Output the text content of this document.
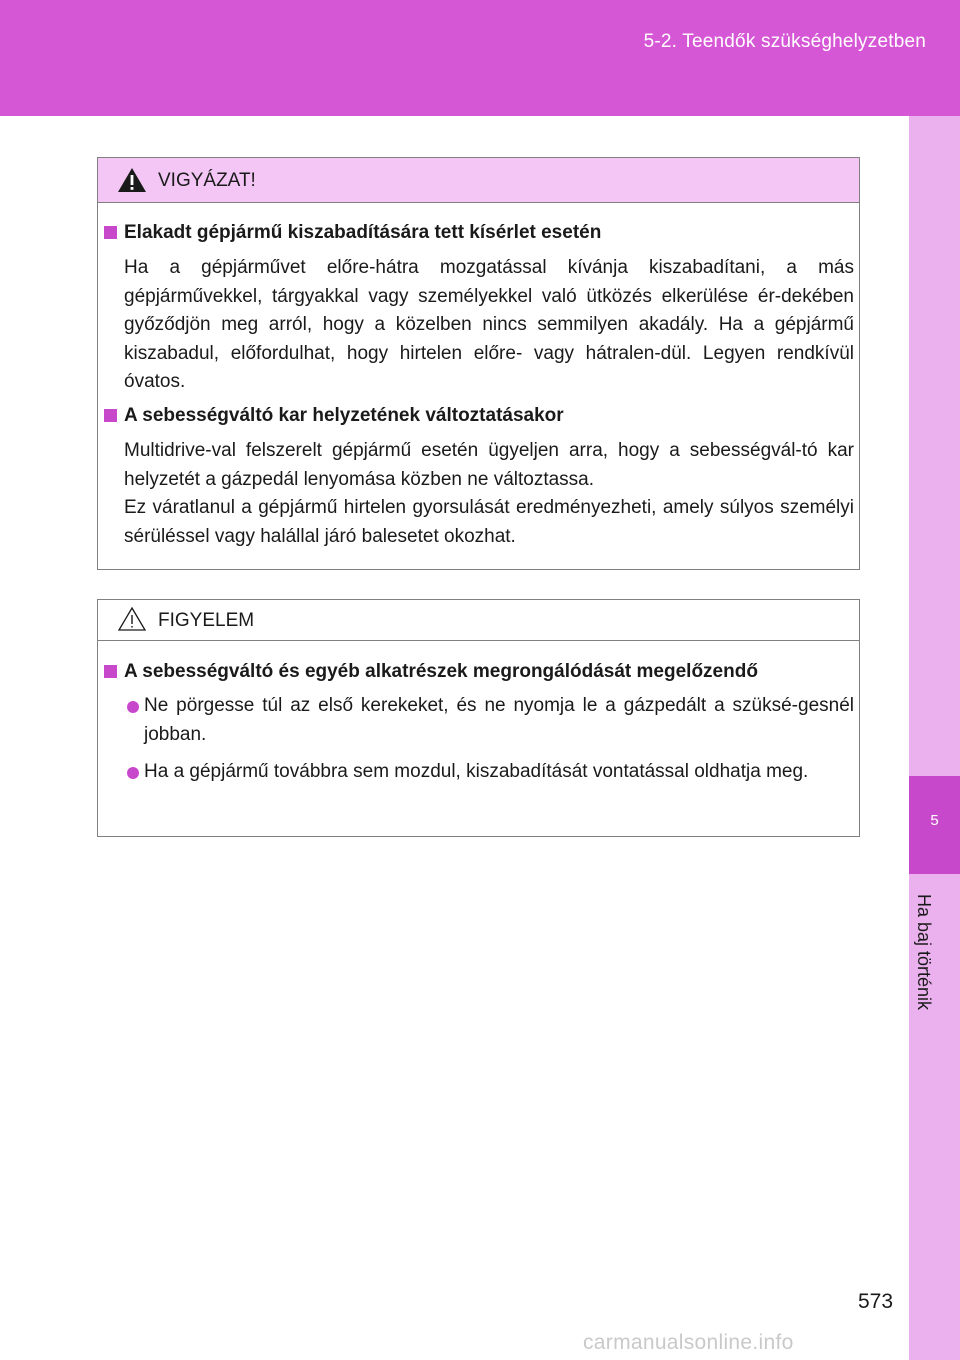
5-2. Teendők szükséghelyzetben
5
Ha baj történik
VIGYÁZAT!
Elakadt gépjármű kiszabadítására tett kísérlet esetén
Ha a gépjárművet előre-hátra mozgatással kívánja kiszabadítani, a más gépjárművekkel, tárgyakkal vagy személyekkel való ütközés elkerülése ér-dekében győződjön meg arról, hogy a közelben nincs semmilyen akadály. Ha a gépjármű kiszabadul, előfordulhat, hogy hirtelen előre- vagy hátralen-dül. Legyen rendkívül óvatos.
A sebességváltó kar helyzetének változtatásakor
Multidrive-val felszerelt gépjármű esetén ügyeljen arra, hogy a sebességvál-tó kar helyzetét a gázpedál lenyomása közben ne változtassa.
Ez váratlanul a gépjármű hirtelen gyorsulását eredményezheti, amely súlyos személyi sérüléssel vagy halállal járó balesetet okozhat.
FIGYELEM
A sebességváltó és egyéb alkatrészek megrongálódását megelőzendő
Ne pörgesse túl az első kerekeket, és ne nyomja le a gázpedált a szüksé-gesnél jobban.
Ha a gépjármű továbbra sem mozdul, kiszabadítását vontatással oldhatja meg.
573
carmanualsonline.info
